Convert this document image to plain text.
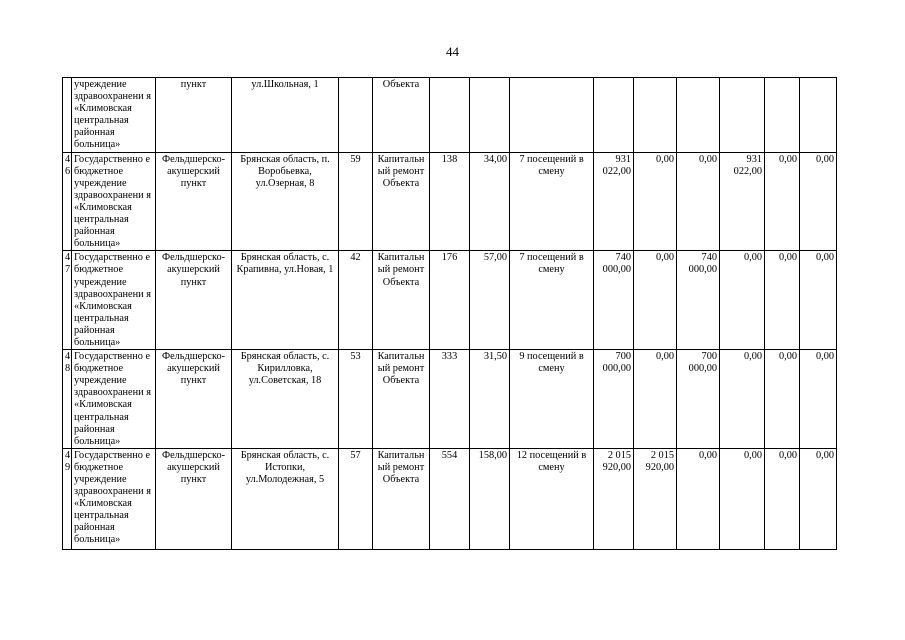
44
	учреждение здравоохранени я «Климовская центральная районная больница»	пункт	ул.Школьная, 1		Объекта									
46	Государственно е бюджетное учреждение здравоохранени я «Климовская центральная районная больница»	Фельдшерско-акушерский пункт	Брянская область, п. Воробьевка, ул.Озерная, 8	59	Капитальн ый ремонт Объекта	138	34,00	7 посещений в смену	931 022,00	0,00	0,00	931 022,00	0,00	0,00
47	Государственно е бюджетное учреждение здравоохранени я «Климовская центральная районная больница»	Фельдшерско-акушерский пункт	Брянская область, с. Крапивна, ул.Новая, 1	42	Капитальн ый ремонт Объекта	176	57,00	7 посещений в смену	740 000,00	0,00	740 000,00	0,00	0,00	0,00
48	Государственно е бюджетное учреждение здравоохранени я «Климовская центральная районная больница»	Фельдшерско-акушерский пункт	Брянская область, с. Кирилловка, ул.Советская, 18	53	Капитальн ый ремонт Объекта	333	31,50	9 посещений в смену	700 000,00	0,00	700 000,00	0,00	0,00	0,00
49	Государственно е бюджетное учреждение здравоохранени я «Климовская центральная районная больница»	Фельдшерско-акушерский пункт	Брянская область, с. Истопки, ул.Молодежная, 5	57	Капитальн ый ремонт Объекта	554	158,00	12 посещений в смену	2 015 920,00	2 015 920,00	0,00	0,00	0,00	0,00
